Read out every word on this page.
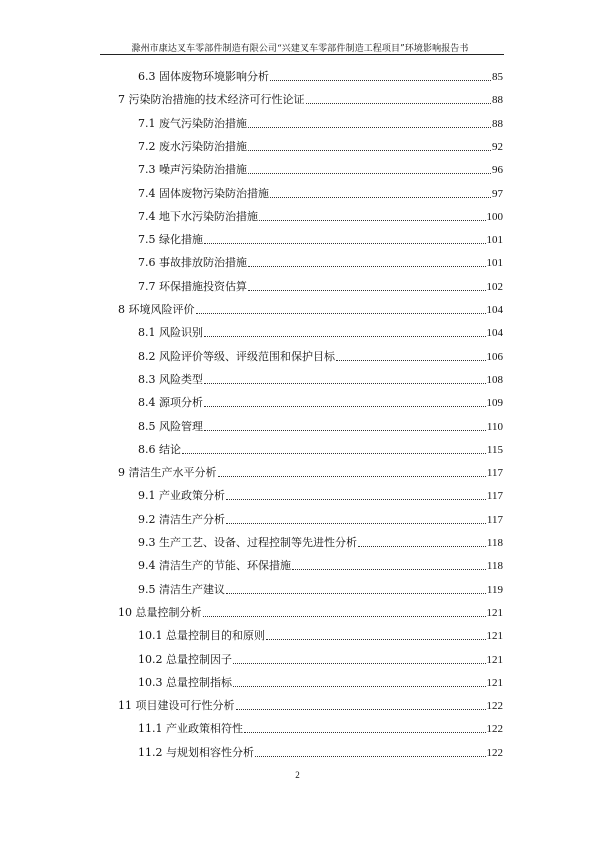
滁州市康达叉车零部件制造有限公司“兴建叉车零部件制造工程项目”环境影响报告书
6.3 固体废物环境影响分析	85
7 污染防治措施的技术经济可行性论证	88
7.1 废气污染防治措施	88
7.2 废水污染防治措施	92
7.3 噪声污染防治措施	96
7.4 固体废物污染防治措施	97
7.4 地下水污染防治措施	100
7.5 绿化措施	101
7.6 事故排放防治措施	101
7.7 环保措施投资估算	102
8 环境风险评价	104
8.1 风险识别	104
8.2 风险评价等级、评级范围和保护目标	106
8.3 风险类型	108
8.4 源项分析	109
8.5 风险管理	110
8.6 结论	115
9 清洁生产水平分析	117
9.1 产业政策分析	117
9.2 清洁生产分析	117
9.3 生产工艺、设备、过程控制等先进性分析	118
9.4 清洁生产的节能、环保措施	118
9.5 清洁生产建议	119
10 总量控制分析	121
10.1 总量控制目的和原则	121
10.2 总量控制因子	121
10.3 总量控制指标	121
11 项目建设可行性分析	122
11.1 产业政策相符性	122
11.2 与规划相容性分析	122
2
